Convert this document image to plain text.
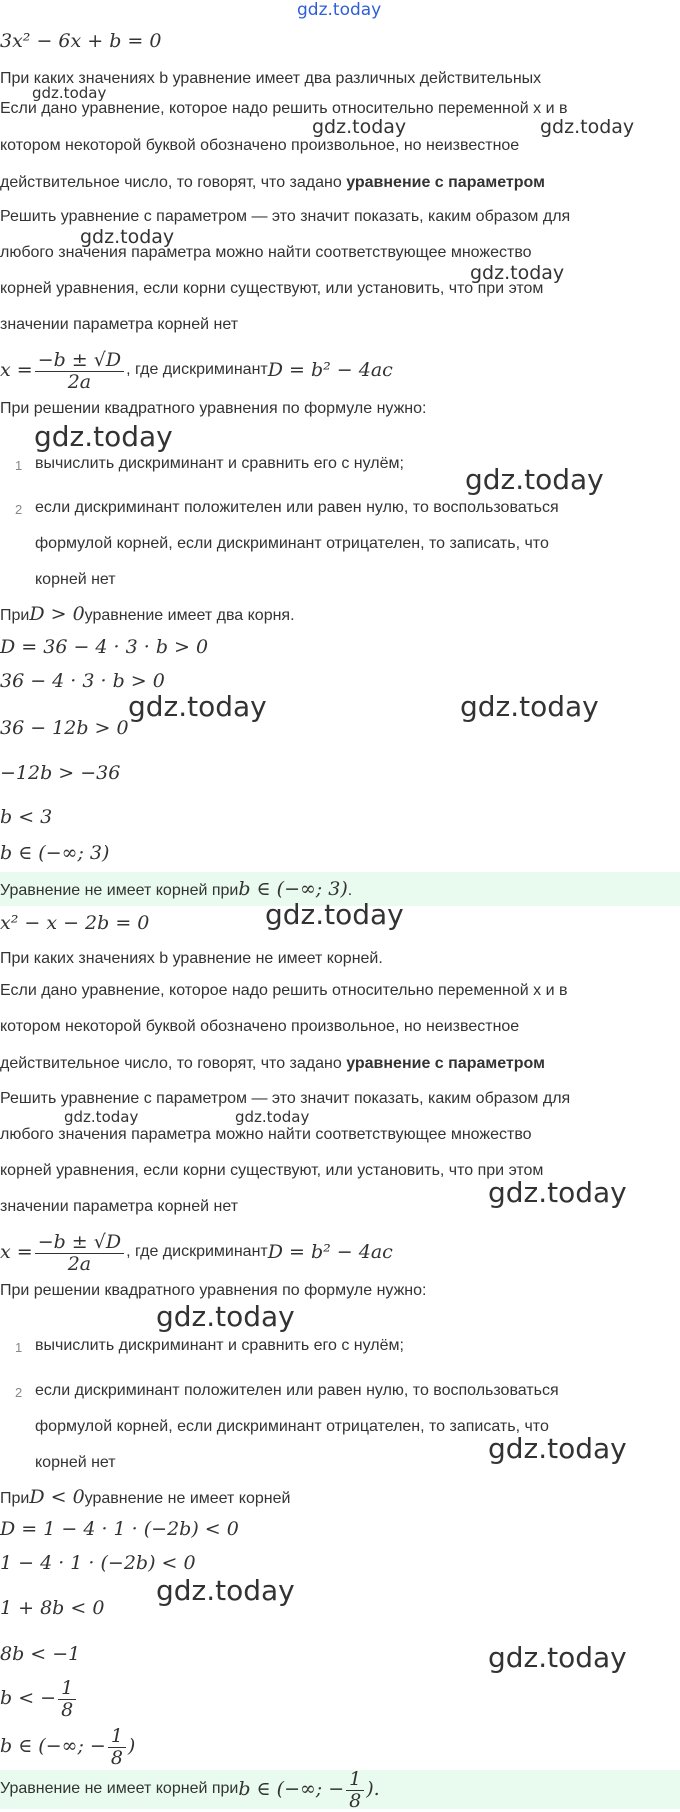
gdz.today
3x² − 6x + b = 0
При каких значениях b уравнение имеет два различных действительных
gdz.today
Если дано уравнение, которое надо решить относительно переменной x и в
gdz.today	gdz.today
котором некоторой буквой обозначено произвольное, но неизвестное
действительное число, то говорят, что задано уравнение с параметром
Решить уравнение с параметром — это значит показать, каким образом для
gdz.today
любого значения параметра можно найти соответствующее множество
gdz.today
корней уравнения, если корни существуют, или установить, что при этом
значении параметра корней нет
$x = \frac{-b \pm √D}{2a}$ , где дискриминант D = b² − 4ac
При решении квадратного уравнения по формуле нужно:
gdz.today
1 вычислить дискриминант и сравнить его с нулём; gdz.today
2 если дискриминант положителен или равен нулю, то воспользоваться
формулой корней, если дискриминант отрицателен, то записать, что
корней нет
При D > 0 уравнение имеет два корня.
D = 36 − 4 · 3 · b > 0
36 − 4 · 3 · b > 0
gdz.today	gdz.today
36 − 12b > 0
−12b > −36
b < 3
b ∈ (−∞; 3)
Уравнение не имеет корней при b ∈ (−∞; 3) .
x² − x − 2b = 0	gdz.today
При каких значениях b уравнение не имеет корней.
Если дано уравнение, которое надо решить относительно переменной x и в
котором некоторой буквой обозначено произвольное, но неизвестное
действительное число, то говорят, что задано уравнение с параметром
Решить уравнение с параметром — это значит показать, каким образом для
gdz.today	gdz.today
любого значения параметра можно найти соответствующее множество
корней уравнения, если корни существуют, или установить, что при этом
gdz.today
значении параметра корней нет
$x = \frac{-b \pm √D}{2a}$ , где дискриминант D = b² − 4ac
При решении квадратного уравнения по формуле нужно:
gdz.today
1 вычислить дискриминант и сравнить его с нулём;
2 если дискриминант положителен или равен нулю, то воспользоваться
формулой корней, если дискриминант отрицателен, то записать, что
gdz.today
корней нет
При D < 0 уравнение не имеет корней
D = 1 − 4 · 1 · (−2b) < 0
1 − 4 · 1 · (−2b) < 0
gdz.today
1 + 8b < 0
8b < −1	gdz.today
b < − $\frac{1}{8}$
b ∈ (−∞; − $\frac{1}{8}$ )
Уравнение не имеет корней при b ∈ (−∞; − $\frac{1}{8}$ ).
